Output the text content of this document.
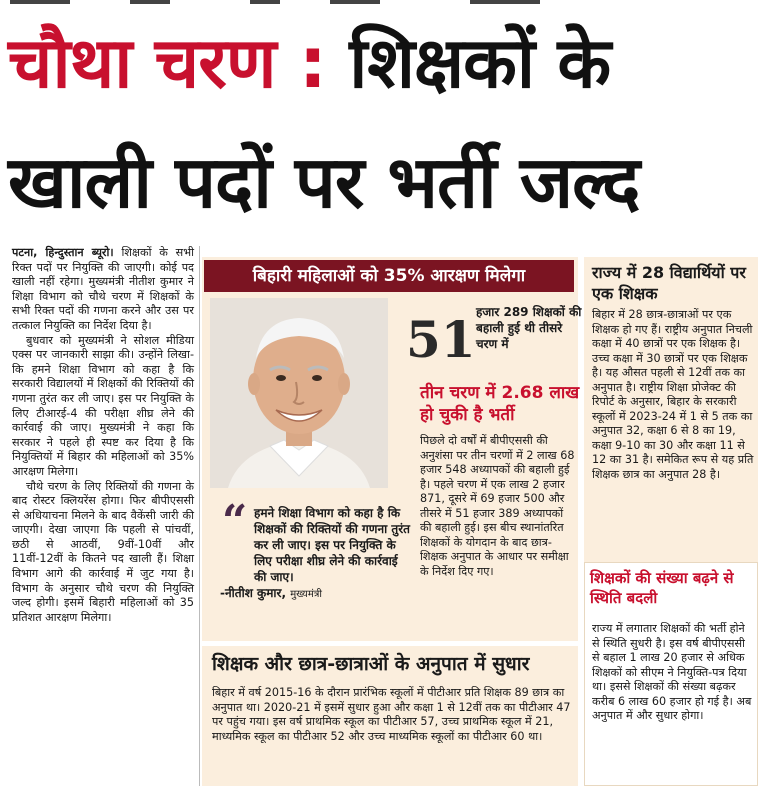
चौथा चरण : शिक्षकों के
खाली पदों पर भर्ती जल्द

पटना, हिन्दुस्तान ब्यूरो। शिक्षकों के सभी रिक्त पदों पर नियुक्ति की जाएगी। कोई पद खाली नहीं रहेगा। मुख्यमंत्री नीतीश कुमार ने शिक्षा विभाग को चौथे चरण में शिक्षकों के सभी रिक्त पदों की गणना करने और उस पर तत्काल नियुक्ति का निर्देश दिया है।

बुधवार को मुख्यमंत्री ने सोशल मीडिया एक्स पर जानकारी साझा की। उन्होंने लिखा- कि हमने शिक्षा विभाग को कहा है कि सरकारी विद्यालयों में शिक्षकों की रिक्तियों की गणना तुरंत कर ली जाए। इस पर नियुक्ति के लिए टीआरई-4 की परीक्षा शीघ्र लेने की कार्रवाई की जाए। मुख्यमंत्री ने कहा कि सरकार ने पहले ही स्पष्ट कर दिया है कि नियुक्तियों में बिहार की महिलाओं को 35% आरक्षण मिलेगा।

चौथे चरण के लिए रिक्तियों की गणना के बाद रोस्टर क्लियरेंस होगा। फिर बीपीएससी से अधियाचना मिलने के बाद वैकेंसी जारी की जाएगी। देखा जाएगा कि पहली से पांचवीं, छठी से आठवीं, 9वीं-10वीं और 11वीं-12वीं के कितने पद खाली हैं। शिक्षा विभाग आगे की कार्रवाई में जुट गया है। विभाग के अनुसार चौथे चरण की नियुक्ति जल्द होगी। इसमें बिहारी महिलाओं को 35 प्रतिशत आरक्षण मिलेगा।

बिहारी महिलाओं को 35% आरक्षण मिलेगा
51 हजार 289 शिक्षकों की बहाली हुई थी तीसरे चरण में
तीन चरण में 2.68 लाख हो चुकी है भर्ती
पिछले दो वर्षों में बीपीएससी की अनुशंसा पर तीन चरणों में 2 लाख 68 हजार 548 अध्यापकों की बहाली हुई है। पहले चरण में एक लाख 2 हजार 871, दूसरे में 69 हजार 500 और तीसरे में 51 हजार 389 अध्यापकों की बहाली हुई। इस बीच स्थानांतरित शिक्षकों के योगदान के बाद छात्र-शिक्षक अनुपात के आधार पर समीक्षा के निर्देश दिए गए।
“ हमने शिक्षा विभाग को कहा है कि शिक्षकों की रिक्तियों की गणना तुरंत कर ली जाए। इस पर नियुक्ति के लिए परीक्षा शीघ्र लेने की कार्रवाई की जाए।
-नीतीश कुमार, मुख्यमंत्री
शिक्षक और छात्र-छात्राओं के अनुपात में सुधार
बिहार में वर्ष 2015-16 के दौरान प्रारंभिक स्कूलों में पीटीआर प्रति शिक्षक 89 छात्र का अनुपात था। 2020-21 में इसमें सुधार हुआ और कक्षा 1 से 12वीं तक का पीटीआर 47 पर पहुंच गया। इस वर्ष प्राथमिक स्कूल का पीटीआर 57, उच्च प्राथमिक स्कूल में 21, माध्यमिक स्कूल का पीटीआर 52 और उच्च माध्यमिक स्कूलों का पीटीआर 60 था।
राज्य में 28 विद्यार्थियों पर एक शिक्षक
बिहार में 28 छात्र-छात्राओं पर एक शिक्षक हो गए हैं। राष्ट्रीय अनुपात निचली कक्षा में 40 छात्रों पर एक शिक्षक है। उच्च कक्षा में 30 छात्रों पर एक शिक्षक है। यह औसत पहली से 12वीं तक का अनुपात है। राष्ट्रीय शिक्षा प्रोजेक्ट की रिपोर्ट के अनुसार, बिहार के सरकारी स्कूलों में 2023-24 में 1 से 5 तक का अनुपात 32, कक्षा 6 से 8 का 19, कक्षा 9-10 का 30 और कक्षा 11 से 12 का 31 है। समेकित रूप से यह प्रति शिक्षक छात्र का अनुपात 28 है।
शिक्षकों की संख्या बढ़ने से स्थिति बदली
राज्य में लगातार शिक्षकों की भर्ती होने से स्थिति सुधरी है। इस वर्ष बीपीएससी से बहाल 1 लाख 20 हजार से अधिक शिक्षकों को सीएम ने नियुक्ति-पत्र दिया था। इससे शिक्षकों की संख्या बढ़कर करीब 6 लाख 60 हजार हो गई है। अब अनुपात में और सुधार होगा।
